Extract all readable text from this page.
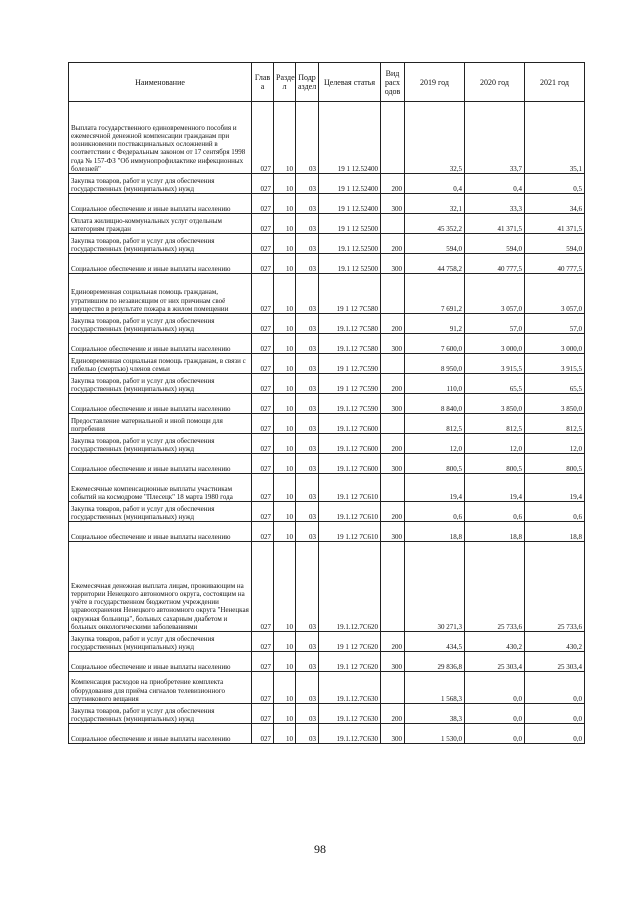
Наименование	Глав а	Разде л	Подр аздел	Целевая статья	Вид расх одов	2019 год	2020 год	2021 год
Выплата государственного единовременного пособия и ежемесячной денежной компенсации гражданам при возникновении поствакцинальных осложнений в соответствии с Федеральным законом от 17 сентября 1998 года № 157-ФЗ "Об иммунопрофилактике инфекционных болезней"	027	10	03	19 1 12.52400		32,5	33,7	35,1
Закупка товаров, работ и услуг для обеспечения государственных (муниципальных) нужд	027	10	03	19 1 12.52400	200	0,4	0,4	0,5
Социальное обеспечение и иные выплаты населению	027	10	03	19 1 12.52400	300	32,1	33,3	34,6
Оплата жилищно-коммунальных услуг отдельным категориям граждан	027	10	03	19 1 12 52500		45 352,2	41 371,5	41 371,5
Закупка товаров, работ и услуг для обеспечения государственных (муниципальных) нужд	027	10	03	19.1 12.52500	200	594,0	594,0	594,0
Социальное обеспечение и иные выплаты населению	027	10	03	19.1 12 52500	300	44 758,2	40 777,5	40 777,5
Единовременная социальная помощь гражданам, утратившим по независящим от них причинам своё имущество в результате пожара в жилом помещении	027	10	03	19 1 12 7С580		7 691,2	3 057,0	3 057,0
Закупка товаров, работ и услуг для обеспечения государственных (муниципальных) нужд	027	10	03	19.1.12 7С580	200	91,2	57,0	57,0
Социальное обеспечение и иные выплаты населению	027	10	03	19.1.12 7С580	300	7 600,0	3 000,0	3 000,0
Единовременная социальная помощь гражданам, в связи с гибелью (смертью) членов семьи	027	10	03	19 1 12.7С590		8 950,0	3 915,5	3 915,5
Закупка товаров, работ и услуг для обеспечения государственных (муниципальных) нужд	027	10	03	19 1 12 7С590	200	110,0	65,5	65,5
Социальное обеспечение и иные выплаты населению	027	10	03	19.1.12 7С590	300	8 840,0	3 850,0	3 850,0
Предоставление материальной и иной помощи для погребения	027	10	03	19.1.12 7С600		812,5	812,5	812,5
Закупка товаров, работ и услуг для обеспечения государственных (муниципальных) нужд	027	10	03	19.1.12 7С600	200	12,0	12,0	12,0
Социальное обеспечение и иные выплаты населению	027	10	03	19.1.12 7С600	300	800,5	800,5	800,5
Ежемесячные компенсационные выплаты участникам событий на космодроме "Плесецк" 18 марта 1980 года	027	10	03	19.1 12 7С610		19,4	19,4	19,4
Закупка товаров, работ и услуг для обеспечения государственных (муниципальных) нужд	027	10	03	19.1.12 7С610	200	0,6	0,6	0,6
Социальное обеспечение и иные выплаты населению	027	10	03	19 1.12 7С610	300	18,8	18,8	18,8
Ежемесячная денежная выплата лицам, проживающим на территории Ненецкого автономного округа, состоящим на учёте в государственном бюджетном учреждении здравоохранения Ненецкого автономного округа "Ненецкая окружная больница", больных сахарным диабетом и больных онкологическими заболеваниями	027	10	03	19.1.12.7С620		30 271,3	25 733,6	25 733,6
Закупка товаров, работ и услуг для обеспечения государственных (муниципальных) нужд	027	10	03	19 1 12 7С620	200	434,5	430,2	430,2
Социальное обеспечение и иные выплаты населению	027	10	03	19.1 12 7С620	300	29 836,8	25 303,4	25 303,4
Компенсация расходов на приобретение комплекта оборудования для приёма сигналов телевизионного спутникового вещания	027	10	03	19.1.12.7С630		1 568,3	0,0	0,0
Закупка товаров, работ и услуг для обеспечения государственных (муниципальных) нужд	027	10	03	19.1.12 7С630	200	38,3	0,0	0,0
Социальное обеспечение и иные выплаты населению	027	10	03	19.1.12.7С630	300	1 530,0	0,0	0,0
98
